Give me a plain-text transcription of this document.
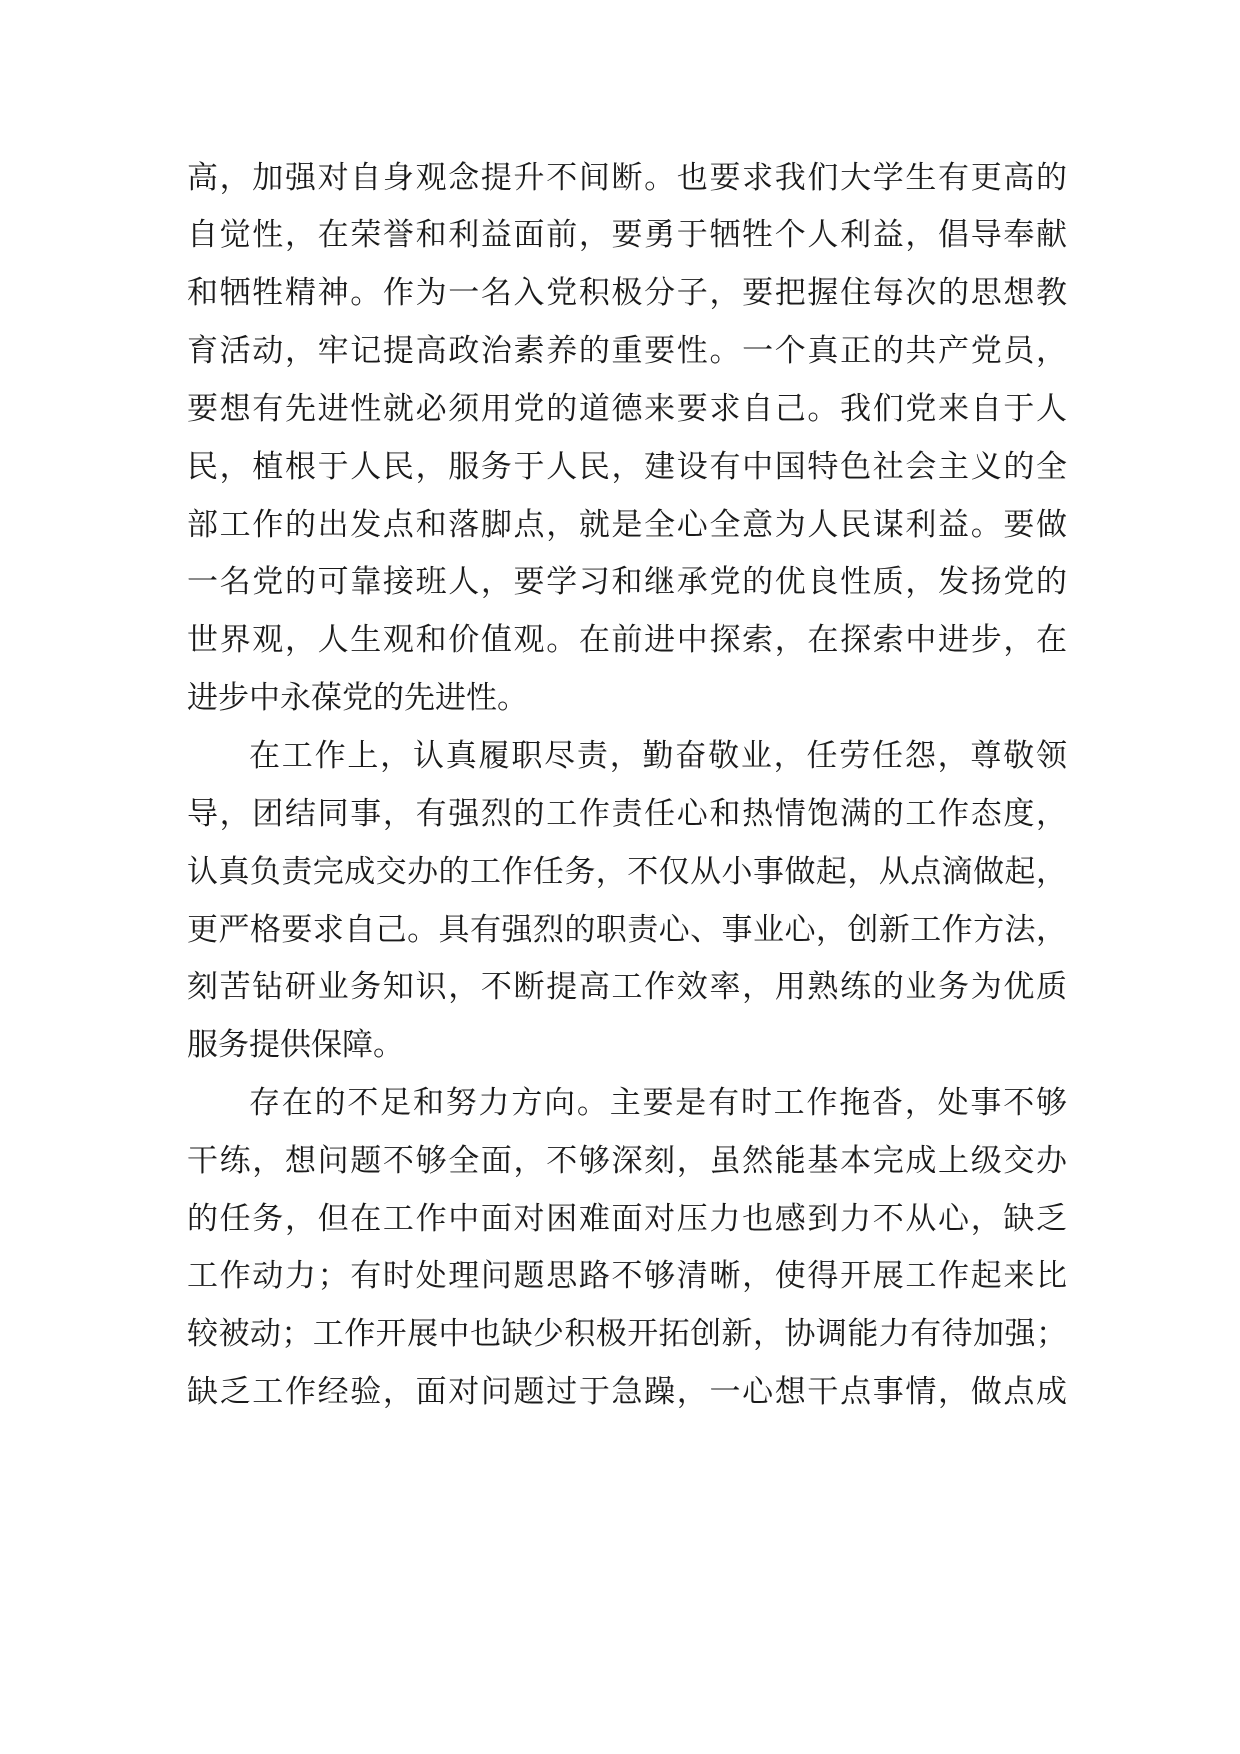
高，加强对自身观念提升不间断。也要求我们大学生有更高的
自觉性，在荣誉和利益面前，要勇于牺牲个人利益，倡导奉献
和牺牲精神。作为一名入党积极分子，要把握住每次的思想教
育活动，牢记提高政治素养的重要性。一个真正的共产党员，
要想有先进性就必须用党的道德来要求自己。我们党来自于人
民，植根于人民，服务于人民，建设有中国特色社会主义的全
部工作的出发点和落脚点，就是全心全意为人民谋利益。要做
一名党的可靠接班人，要学习和继承党的优良性质，发扬党的
世界观，人生观和价值观。在前进中探索，在探索中进步，在
进步中永葆党的先进性。
在工作上，认真履职尽责，勤奋敬业，任劳任怨，尊敬领
导，团结同事，有强烈的工作责任心和热情饱满的工作态度，
认真负责完成交办的工作任务，不仅从小事做起，从点滴做起，
更严格要求自己。具有强烈的职责心、事业心，创新工作方法，
刻苦钻研业务知识，不断提高工作效率，用熟练的业务为优质
服务提供保障。
存在的不足和努力方向。主要是有时工作拖沓，处事不够
干练，想问题不够全面，不够深刻，虽然能基本完成上级交办
的任务，但在工作中面对困难面对压力也感到力不从心，缺乏
工作动力；有时处理问题思路不够清晰，使得开展工作起来比
较被动；工作开展中也缺少积极开拓创新，协调能力有待加强；
缺乏工作经验，面对问题过于急躁，一心想干点事情，做点成
